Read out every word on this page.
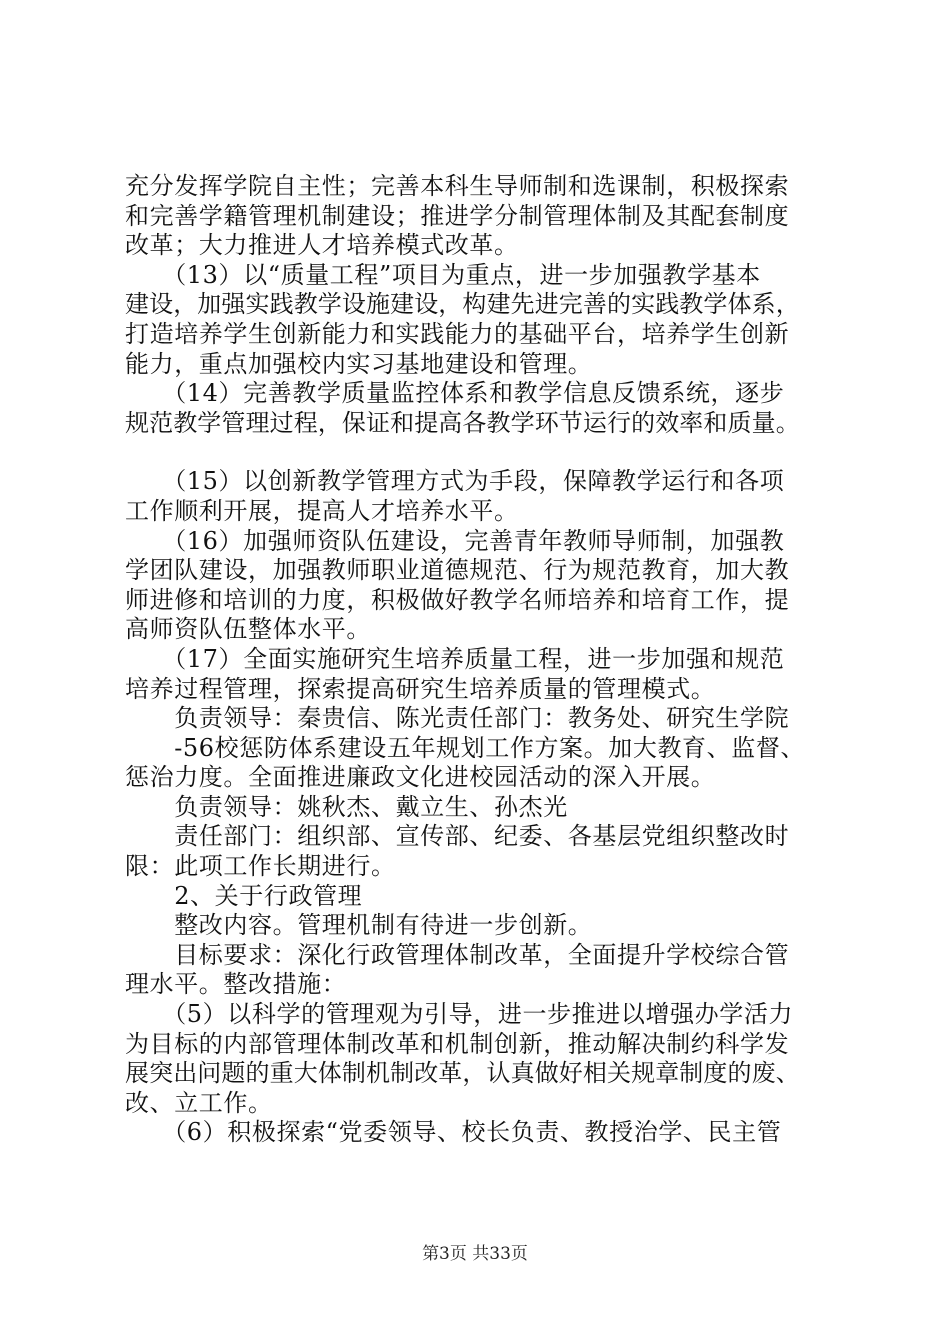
充分发挥学院自主性；完善本科生导师制和选课制，积极探索
和完善学籍管理机制建设；推进学分制管理体制及其配套制度
改革；大力推进人才培养模式改革。
　　（13）以“质量工程”项目为重点，进一步加强教学基本
建设，加强实践教学设施建设，构建先进完善的实践教学体系，
打造培养学生创新能力和实践能力的基础平台，培养学生创新
能力，重点加强校内实习基地建设和管理。
　　（14）完善教学质量监控体系和教学信息反馈系统，逐步
规范教学管理过程，保证和提高各教学环节运行的效率和质量。
　　（15）以创新教学管理方式为手段，保障教学运行和各项
工作顺利开展，提高人才培养水平。
　　（16）加强师资队伍建设，完善青年教师导师制，加强教
学团队建设，加强教师职业道德规范、行为规范教育，加大教
师进修和培训的力度，积极做好教学名师培养和培育工作，提
高师资队伍整体水平。
　　（17）全面实施研究生培养质量工程，进一步加强和规范
培养过程管理，探索提高研究生培养质量的管理模式。
　　负责领导：秦贵信、陈光责任部门：教务处、研究生学院
　　-56校惩防体系建设五年规划工作方案。加大教育、监督、
惩治力度。全面推进廉政文化进校园活动的深入开展。
　　负责领导：姚秋杰、戴立生、孙杰光
　　责任部门：组织部、宣传部、纪委、各基层党组织整改时
限：此项工作长期进行。
　　2、关于行政管理
　　整改内容。管理机制有待进一步创新。
　　目标要求：深化行政管理体制改革，全面提升学校综合管
理水平。整改措施：
　　（5）以科学的管理观为引导，进一步推进以增强办学活力
为目标的内部管理体制改革和机制创新，推动解决制约科学发
展突出问题的重大体制机制改革，认真做好相关规章制度的废、
改、立工作。
　　（6）积极探索“党委领导、校长负责、教授治学、民主管
第3页 共33页
